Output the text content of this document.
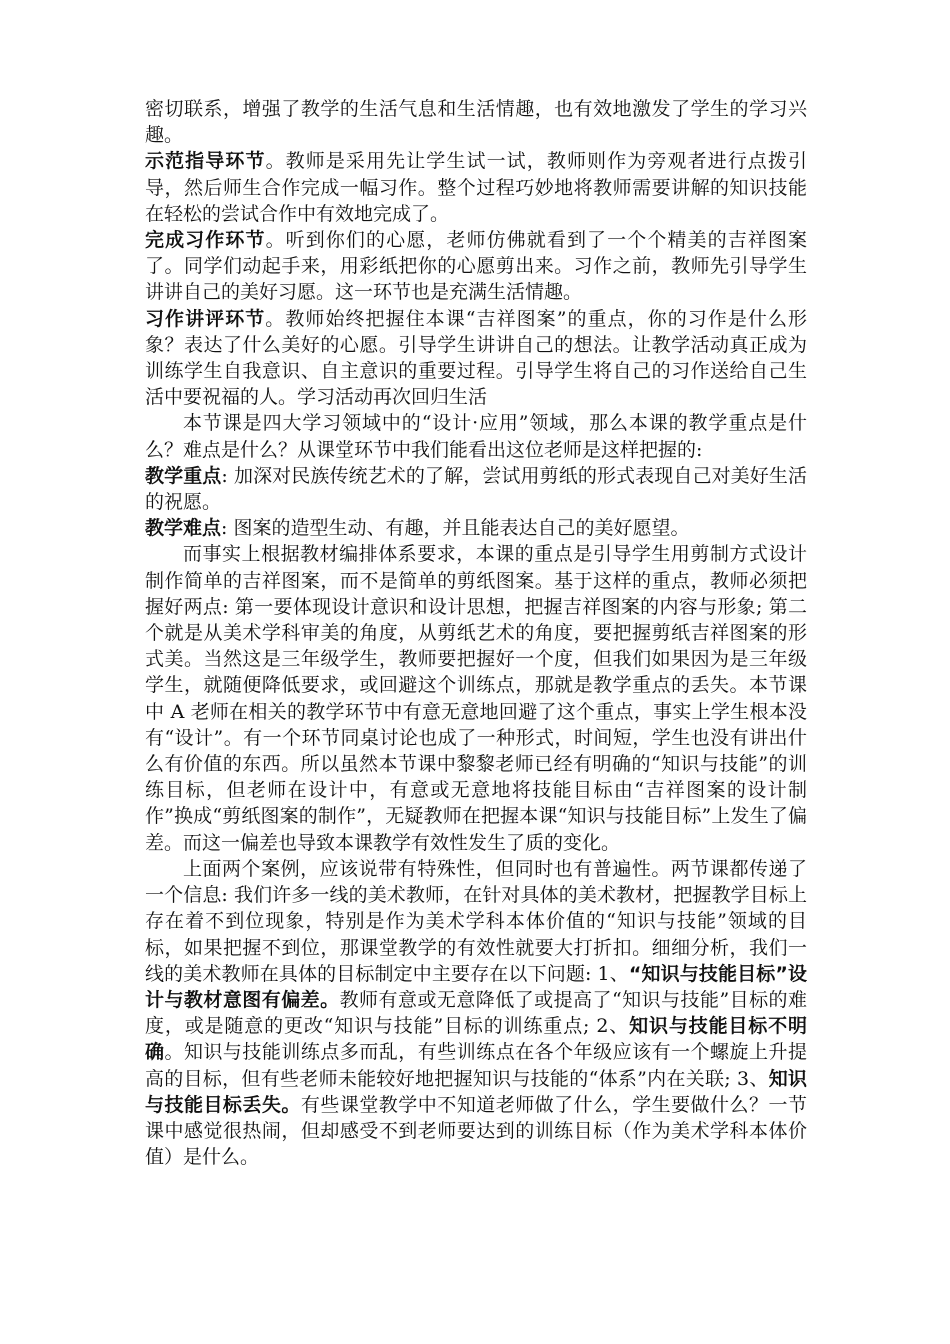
密切联系，增强了教学的生活气息和生活情趣，也有效地激发了学生的学习兴趣。

示范指导环节。教师是采用先让学生试一试，教师则作为旁观者进行点拨引导，然后师生合作完成一幅习作。整个过程巧妙地将教师需要讲解的知识技能在轻松的尝试合作中有效地完成了。

完成习作环节。听到你们的心愿，老师仿佛就看到了一个个精美的吉祥图案了。同学们动起手来，用彩纸把你的心愿剪出来。习作之前，教师先引导学生讲讲自己的美好习愿。这一环节也是充满生活情趣。

习作讲评环节。教师始终把握住本课“吉祥图案”的重点，你的习作是什么形象？表达了什么美好的心愿。引导学生讲讲自己的想法。让教学活动真正成为训练学生自我意识、自主意识的重要过程。引导学生将自己的习作送给自己生活中要祝福的人。学习活动再次回归生活

本节课是四大学习领域中的“设计·应用”领域，那么本课的教学重点是什么？难点是什么？从课堂环节中我们能看出这位老师是这样把握的:

教学重点: 加深对民族传统艺术的了解，尝试用剪纸的形式表现自己对美好生活的祝愿。

教学难点: 图案的造型生动、有趣，并且能表达自己的美好愿望。

而事实上根据教材编排体系要求，本课的重点是引导学生用剪制方式设计制作简单的吉祥图案，而不是简单的剪纸图案。基于这样的重点，教师必须把握好两点: 第一要体现设计意识和设计思想，把握吉祥图案的内容与形象; 第二个就是从美术学科审美的角度，从剪纸艺术的角度，要把握剪纸吉祥图案的形式美。当然这是三年级学生，教师要把握好一个度，但我们如果因为是三年级学生，就随便降低要求，或回避这个训练点，那就是教学重点的丢失。本节课中 A 老师在相关的教学环节中有意无意地回避了这个重点，事实上学生根本没有“设计”。有一个环节同桌讨论也成了一种形式，时间短，学生也没有讲出什么有价值的东西。所以虽然本节课中黎黎老师已经有明确的“知识与技能”的训练目标，但老师在设计中，有意或无意地将技能目标由“吉祥图案的设计制作”换成“剪纸图案的制作”，无疑教师在把握本课“知识与技能目标”上发生了偏差。而这一偏差也导致本课教学有效性发生了质的变化。

上面两个案例，应该说带有特殊性，但同时也有普遍性。两节课都传递了一个信息: 我们许多一线的美术教师，在针对具体的美术教材，把握教学目标上存在着不到位现象，特别是作为美术学科本体价值的“知识与技能”领域的目标，如果把握不到位，那课堂教学的有效性就要大打折扣。细细分析，我们一线的美术教师在具体的目标制定中主要存在以下问题: 1、“知识与技能目标”设计与教材意图有偏差。教师有意或无意降低了或提高了“知识与技能”目标的难度，或是随意的更改“知识与技能”目标的训练重点; 2、知识与技能目标不明确。知识与技能训练点多而乱，有些训练点在各个年级应该有一个螺旋上升提高的目标，但有些老师未能较好地把握知识与技能的“体系”内在关联; 3、知识与技能目标丢失。有些课堂教学中不知道老师做了什么，学生要做什么？一节课中感觉很热闹，但却感受不到老师要达到的训练目标（作为美术学科本体价值）是什么。
